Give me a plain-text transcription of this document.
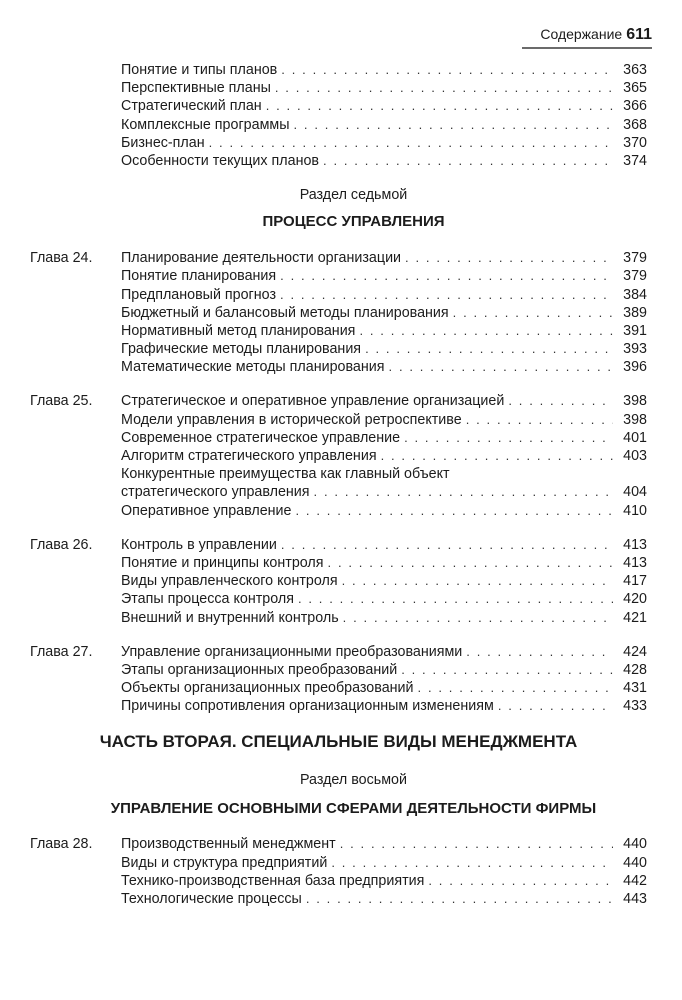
Содержание 611
Понятие и типы планов . . .	363
Перспективные планы . . .	365
Стратегический план . . .	366
Комплексные программы . . .	368
Бизнес-план . . .	370
Особенности текущих планов . . .	374
Раздел седьмой
ПРОЦЕСС УПРАВЛЕНИЯ
Глава 24.	Планирование деятельности организации . . .	379
Понятие планирования . . .	379
Предплановый прогноз . . .	384
Бюджетный и балансовый методы планирования . . .	389
Нормативный метод планирования . . .	391
Графические методы планирования . . .	393
Математические методы планирования . . .	396
Глава 25.	Стратегическое и оперативное управление организацией . . .	398
Модели управления в исторической ретроспективе . . .	398
Современное стратегическое управление . . .	401
Алгоритм стратегического управления . . .	403
Конкурентные преимущества как главный объект
стратегического управления . . .	404
Оперативное управление . . .	410
Глава 26.	Контроль в управлении . . .	413
Понятие и принципы контроля . . .	413
Виды управленческого контроля . . .	417
Этапы процесса контроля . . .	420
Внешний и внутренний контроль . . .	421
Глава 27.	Управление организационными преобразованиями . . .	424
Этапы организационных преобразований . . .	428
Объекты организационных преобразований . . .	431
Причины сопротивления организационным изменениям . . .	433
ЧАСТЬ ВТОРАЯ. СПЕЦИАЛЬНЫЕ ВИДЫ МЕНЕДЖМЕНТА
Раздел восьмой
УПРАВЛЕНИЕ ОСНОВНЫМИ СФЕРАМИ ДЕЯТЕЛЬНОСТИ ФИРМЫ
Глава 28.	Производственный менеджмент . . .	440
Виды и структура предприятий . . .	440
Технико-производственная база предприятия . . .	442
Технологические процессы . . .	443
